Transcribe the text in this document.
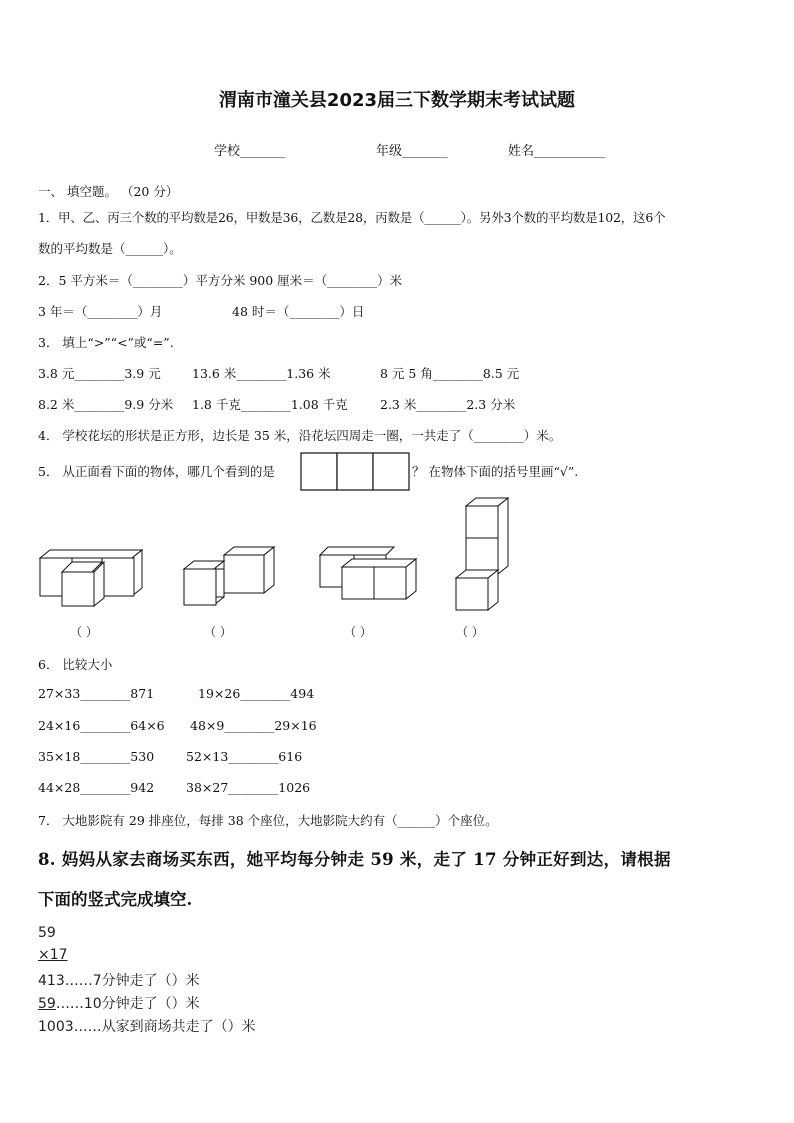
渭南市潼关县2023届三下数学期末考试试题
学校_______	年级_______	姓名___________
一、 填空题。 （20 分）
1．甲、乙、丙三个数的平均数是26，甲数是36，乙数是28，丙数是（______）。另外3个数的平均数是102，这6个
数的平均数是（______）。
2．5 平方米＝（________）平方分米 900 厘米＝（________）米
3 年＝（________）月	48 时＝（________）日
3． 填上“>”“<”或“=”.
3.8 元________3.9 元	13.6 米________1.36 米	8 元 5 角________8.5 元
8.2 米________9.9 分米 1.8 千克________1.08 千克	2.3 米________2.3 分米
4． 学校花坛的形状是正方形，边长是 35 米，沿花坛四周走一圈，一共走了（________）米。
5． 从正面看下面的物体，哪几个看到的是	？ 在物体下面的括号里画“√”.
（ ）	（ ）	（ ）	（ ）
6． 比较大小
27×33________871	19×26________494
24×16________64×6 48×9________29×16
35×18________530	52×13________616
44×28________942	38×27________1026
7． 大地影院有 29 排座位，每排 38 个座位，大地影院大约有（______）个座位。
8. 妈妈从家去商场买东西，她平均每分钟走 59 米，走了 17 分钟正好到达，请根据
下面的竖式完成填空.
59
×17
413……7分钟走了（）米
59……10分钟走了（）米
1003……从家到商场共走了（）米
